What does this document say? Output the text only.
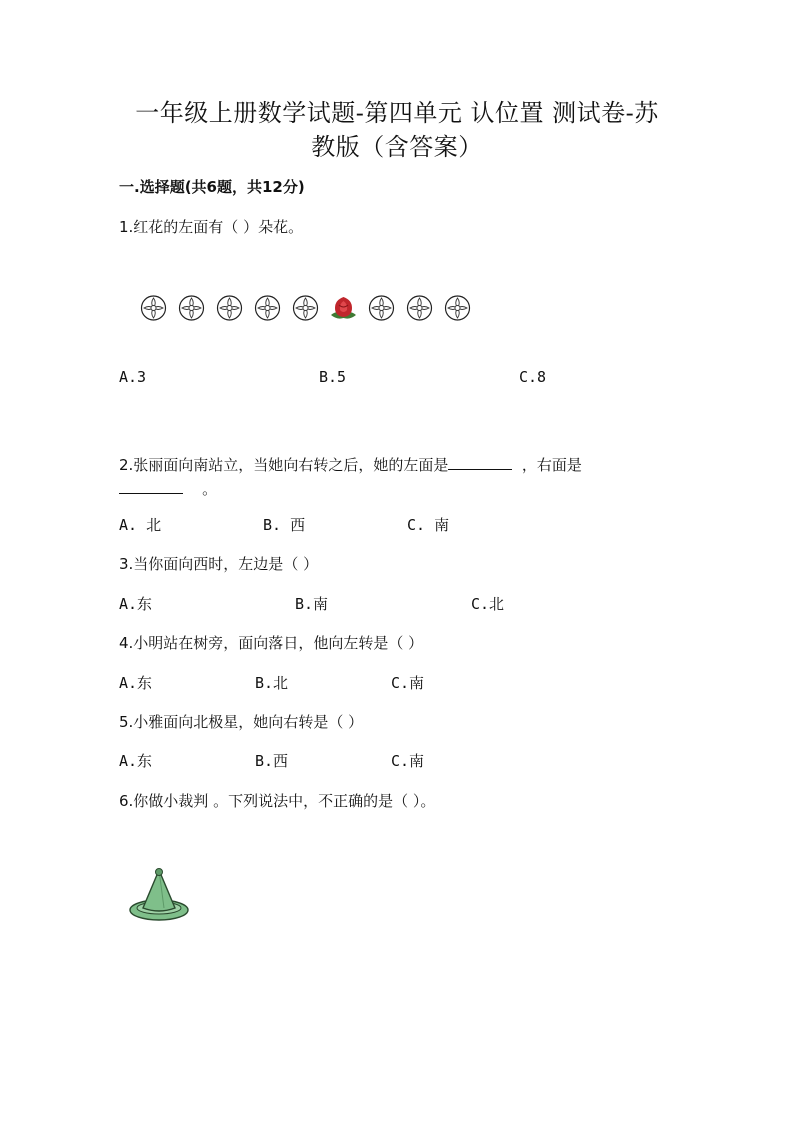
一年级上册数学试题-第四单元 认位置 测试卷-苏
教版（含答案）
一.选择题(共6题，共12分)
1.红花的左面有（ ）朵花。
A.3	B.5	C.8
2.张丽面向南站立，当她向右转之后，她的左面是	，右面是
。
A. 北	B. 西	C. 南
3.当你面向西时，左边是（ ）
A.东	B.南	C.北
4.小明站在树旁，面向落日，他向左转是（ ）
A.东	B.北	C.南
5.小雅面向北极星，她向右转是（ ）
A.东	B.西	C.南
6.你做小裁判 。下列说法中，不正确的是（ ）。
